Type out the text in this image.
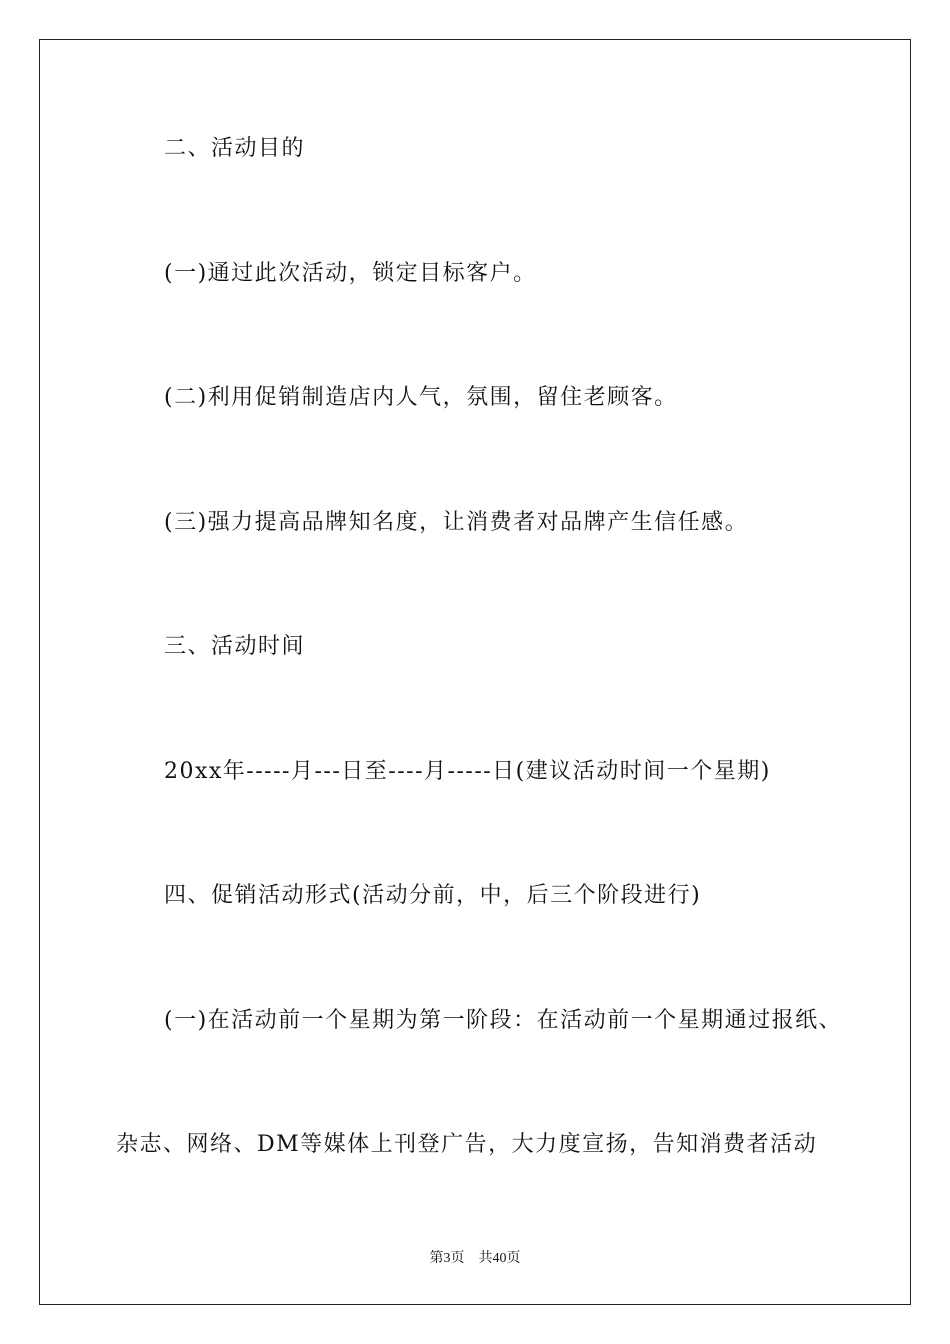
二、活动目的
(一)通过此次活动，锁定目标客户。
(二)利用促销制造店内人气，氛围，留住老顾客。
(三)强力提高品牌知名度，让消费者对品牌产生信任感。
三、活动时间
20xx年-----月---日至----月-----日(建议活动时间一个星期)
四、促销活动形式(活动分前，中，后三个阶段进行)
(一)在活动前一个星期为第一阶段：在活动前一个星期通过报纸、
杂志、网络、DM等媒体上刊登广告，大力度宣扬，告知消费者活动
第3页 共40页
